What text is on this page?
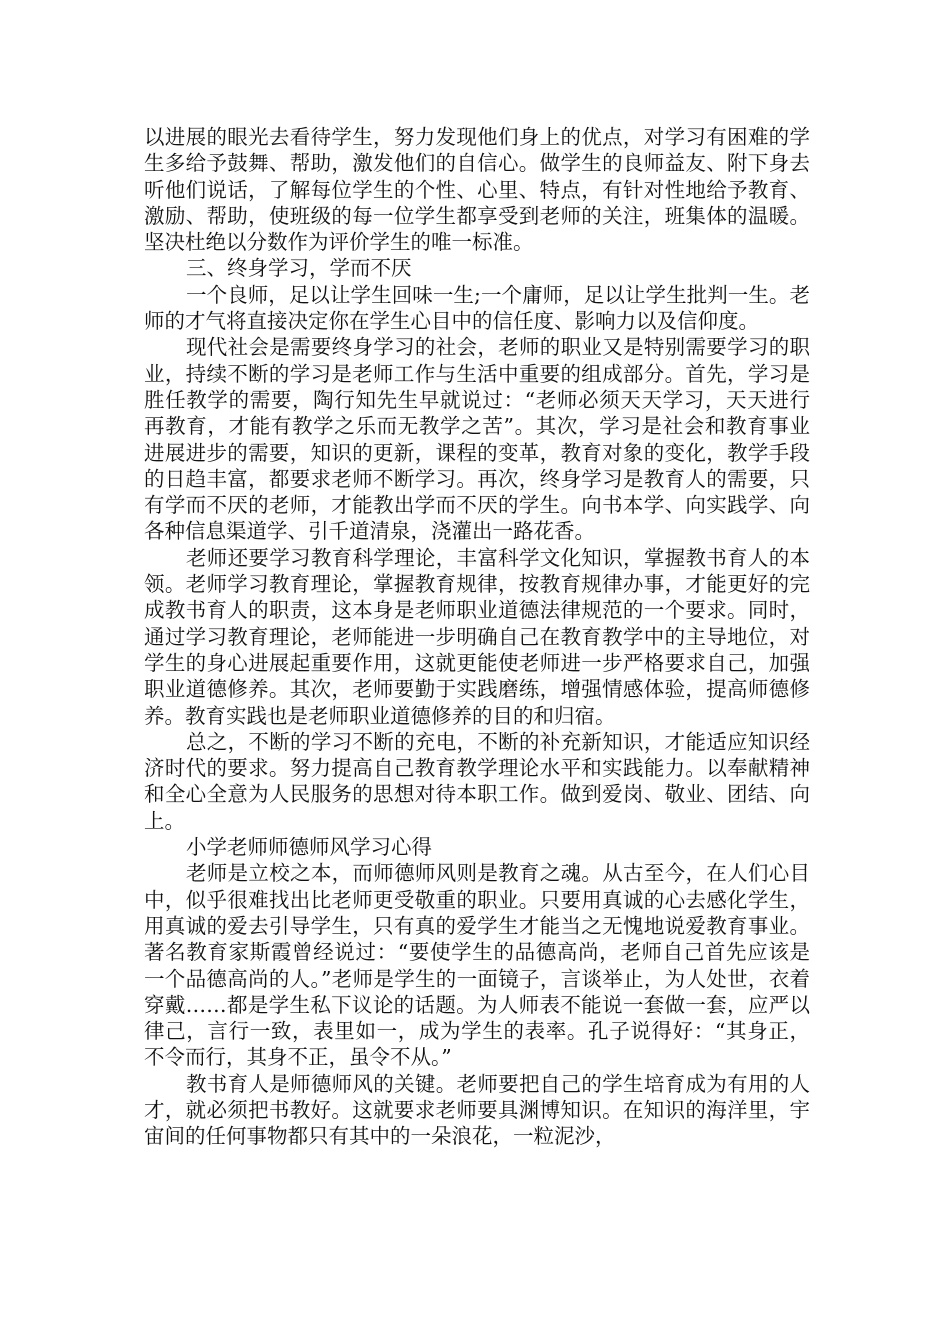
以进展的眼光去看待学生，努力发现他们身上的优点，对学习有困难的学生多给予鼓舞、帮助，激发他们的自信心。做学生的良师益友、附下身去听他们说话，了解每位学生的个性、心里、特点，有针对性地给予教育、激励、帮助，使班级的每一位学生都享受到老师的关注，班集体的温暖。坚决杜绝以分数作为评价学生的唯一标准。

三、终身学习，学而不厌

一个良师，足以让学生回味一生;一个庸师，足以让学生批判一生。老师的才气将直接决定你在学生心目中的信任度、影响力以及信仰度。

现代社会是需要终身学习的社会，老师的职业又是特别需要学习的职业，持续不断的学习是老师工作与生活中重要的组成部分。首先，学习是胜任教学的需要，陶行知先生早就说过：“老师必须天天学习，天天进行再教育，才能有教学之乐而无教学之苦”。其次，学习是社会和教育事业进展进步的需要，知识的更新，课程的变革，教育对象的变化，教学手段的日趋丰富，都要求老师不断学习。再次，终身学习是教育人的需要，只有学而不厌的老师，才能教出学而不厌的学生。向书本学、向实践学、向各种信息渠道学、引千道清泉，浇灌出一路花香。

老师还要学习教育科学理论，丰富科学文化知识，掌握教书育人的本领。老师学习教育理论，掌握教育规律，按教育规律办事，才能更好的完成教书育人的职责，这本身是老师职业道德法律规范的一个要求。同时，通过学习教育理论，老师能进一步明确自己在教育教学中的主导地位，对学生的身心进展起重要作用，这就更能使老师进一步严格要求自己，加强职业道德修养。其次，老师要勤于实践磨练，增强情感体验，提高师德修养。教育实践也是老师职业道德修养的目的和归宿。

总之，不断的学习不断的充电，不断的补充新知识，才能适应知识经济时代的要求。努力提高自己教育教学理论水平和实践能力。以奉献精神和全心全意为人民服务的思想对待本职工作。做到爱岗、敬业、团结、向上。

小学老师师德师风学习心得

老师是立校之本，而师德师风则是教育之魂。从古至今，在人们心目中，似乎很难找出比老师更受敬重的职业。只要用真诚的心去感化学生，用真诚的爱去引导学生，只有真的爱学生才能当之无愧地说爱教育事业。著名教育家斯霞曾经说过：“要使学生的品德高尚，老师自己首先应该是一个品德高尚的人。”老师是学生的一面镜子，言谈举止，为人处世，衣着穿戴……都是学生私下议论的话题。为人师表不能说一套做一套，应严以律己，言行一致，表里如一，成为学生的表率。孔子说得好：“其身正，不令而行，其身不正，虽令不从。”

教书育人是师德师风的关键。老师要把自己的学生培育成为有用的人才，就必须把书教好。这就要求老师要具渊博知识。在知识的海洋里，宇宙间的任何事物都只有其中的一朵浪花，一粒泥沙，
